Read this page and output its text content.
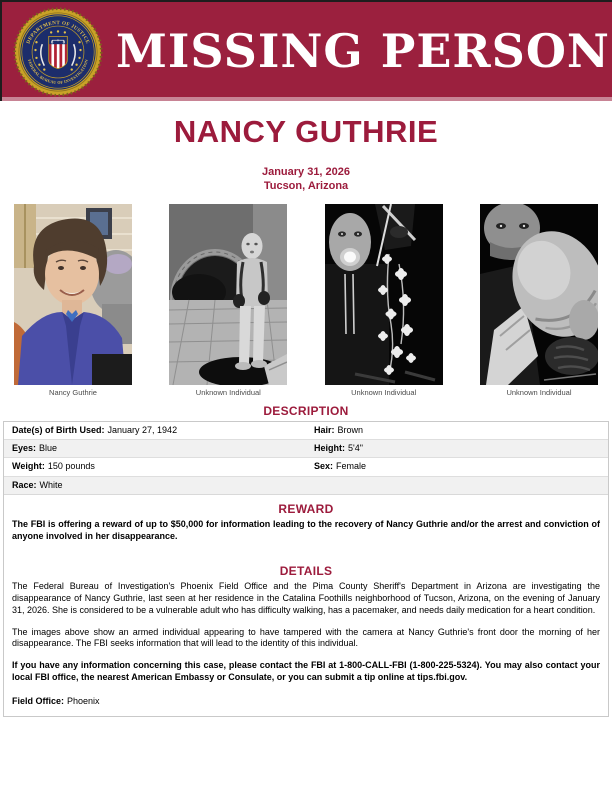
DEPARTMENT OF JUSTICE
FEDERAL BUREAU OF INVESTIGATION MISSING PERSON
NANCY GUTHRIE
January 31, 2026
Tucson, Arizona
Nancy Guthrie	Unknown Individual	Unknown Individual	Unknown Individual
DESCRIPTION
Date(s) of Birth Used: January 27, 1942	Hair: Brown
Eyes: Blue	Height: 5'4"
Weight: 150 pounds	Sex: Female
Race: White
REWARD

The FBI is offering a reward of up to $50,000 for information leading to the recovery of Nancy Guthrie and/or the arrest and conviction of anyone involved in her disappearance.

DETAILS

The Federal Bureau of Investigation's Phoenix Field Office and the Pima County Sheriff's Department in Arizona are investigating the disappearance of Nancy Guthrie, last seen at her residence in the Catalina Foothills neighborhood of Tucson, Arizona, on the evening of January 31, 2026. She is considered to be a vulnerable adult who has difficulty walking, has a pacemaker, and needs daily medication for a heart condition.

The images above show an armed individual appearing to have tampered with the camera at Nancy Guthrie's front door the morning of her disappearance. The FBI seeks information that will lead to the identity of this individual.

If you have any information concerning this case, please contact the FBI at 1-800-CALL-FBI (1-800-225-5324). You may also contact your local FBI office, the nearest American Embassy or Consulate, or you can submit a tip online at tips.fbi.gov.

Field Office: Phoenix
